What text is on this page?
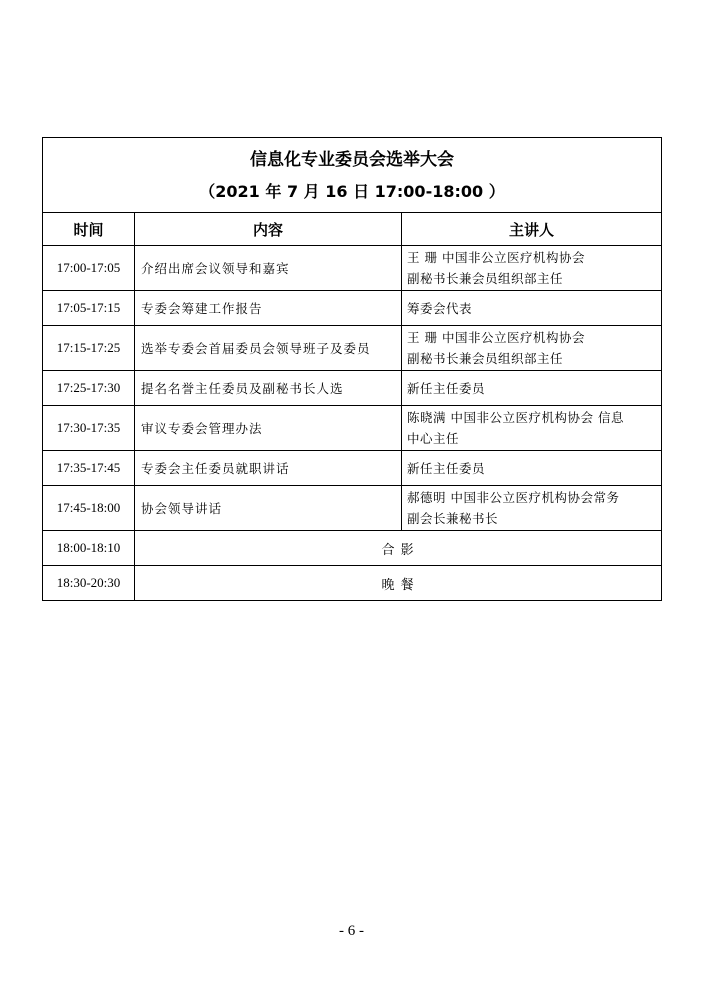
信息化专业委员会选举大会
（2021 年 7 月 16 日 17:00-18:00 ）		

时间	内容	主讲人
17:00-17:05	介绍出席会议领导和嘉宾	王 珊 中国非公立医疗机构协会
副秘书长兼会员组织部主任

17:05-17:15	专委会筹建工作报告	筹委会代表
17:15-17:25	选举专委会首届委员会领导班子及委员	王 珊 中国非公立医疗机构协会
副秘书长兼会员组织部主任

17:25-17:30	提名名誉主任委员及副秘书长人选	新任主任委员
17:30-17:35	审议专委会管理办法	陈晓满 中国非公立医疗机构协会 信息
中心主任

17:35-17:45	专委会主任委员就职讲话	新任主任委员
17:45-18:00	协会领导讲话	郝德明 中国非公立医疗机构协会常务
副会长兼秘书长

18:00-18:10	合 影	
18:30-20:30	晚 餐	
- 6 -
